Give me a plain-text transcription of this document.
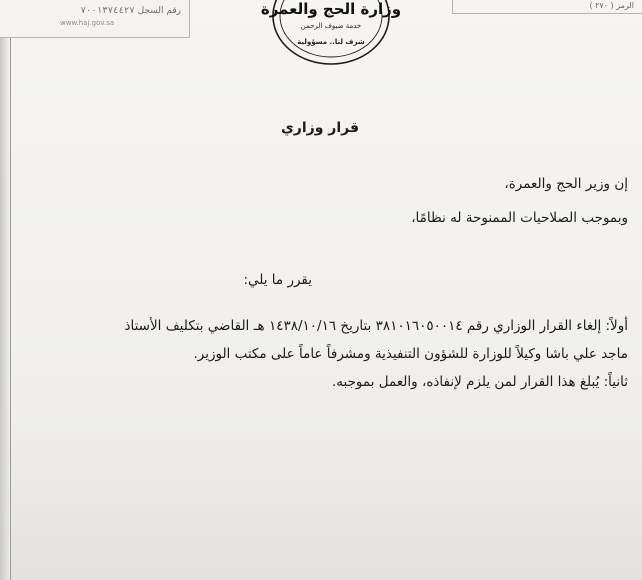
رقم السجل ٧٠٠١٣٧٤٤٢٧
www.haj.gov.sa
وزارة الحج والعمرة
خدمة ضيوف الرحمن
شرف لنا.. مسؤولية
الرمز ( ٢٧٠ )
قرار وزاري
إن وزير الحج والعمرة،
وبموجب الصلاحيات الممنوحة له نظامًا،
يقرر ما يلي:
أولاً: إلغاء القرار الوزاري رقم ٣٨١٠١٦٠٥٠٠١٤ بتاريخ ١٤٣٨/١٠/١٦ هـ القاضي بتكليف الأستاذ
ماجد علي باشا وكيلاً للوزارة للشؤون التنفيذية ومشرفاً عاماً على مكتب الوزير.
ثانياً: يُبلغ هذا القرار لمن يلزم لإنفاذه، والعمل بموجبه.
